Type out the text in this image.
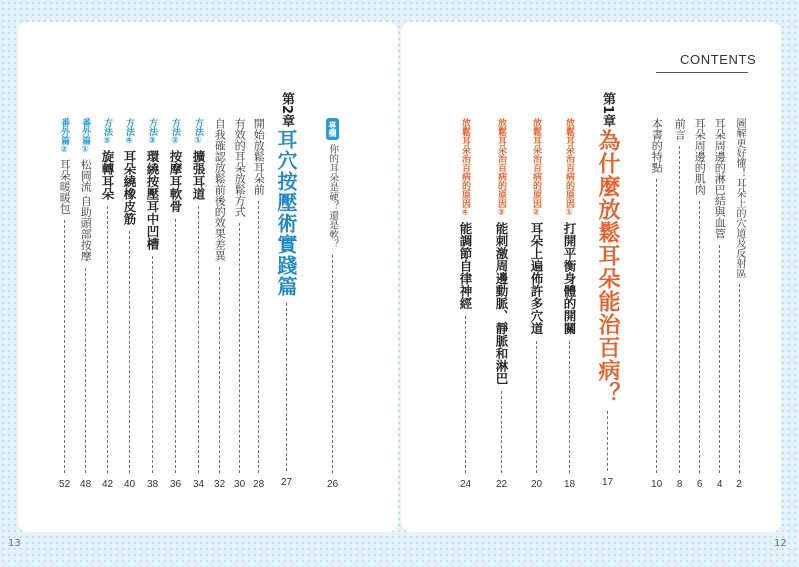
CONTENTS
圖解更好懂！耳朵上的穴道及反射區
2
耳朵周邊的淋巴結與血管
4
耳朵周邊的肌肉
6
前言
8
本書的特點
10
第1章
為什麼放鬆耳朵能治百病？
17
放鬆耳朵治百病的原因①
打開平衡身體的開關
18
放鬆耳朵治百病的原因②
耳朵上遍佈許多穴道
20
放鬆耳朵治百病的原因③
能刺激周邊動脈、靜脈和淋巴
22
放鬆耳朵治百病的原因④
能調節自律神經
24
專欄
你的耳朵是硬？還是軟？
26
第2章
耳穴按壓術實踐篇
27
開始放鬆耳朵前
28
有效的耳朵放鬆方式
30
自我確認放鬆前後的效果差異
32
方法①
擴張耳道
34
方法②
按摩耳軟骨
36
方法③
環繞按壓耳中凹槽
38
方法④
耳朵繞橡皮筋
40
方法⑤
旋轉耳朵
42
番外篇①
松岡流 自助頭部按摩
48
番外篇②
耳朵暖暖包
52
13	12
